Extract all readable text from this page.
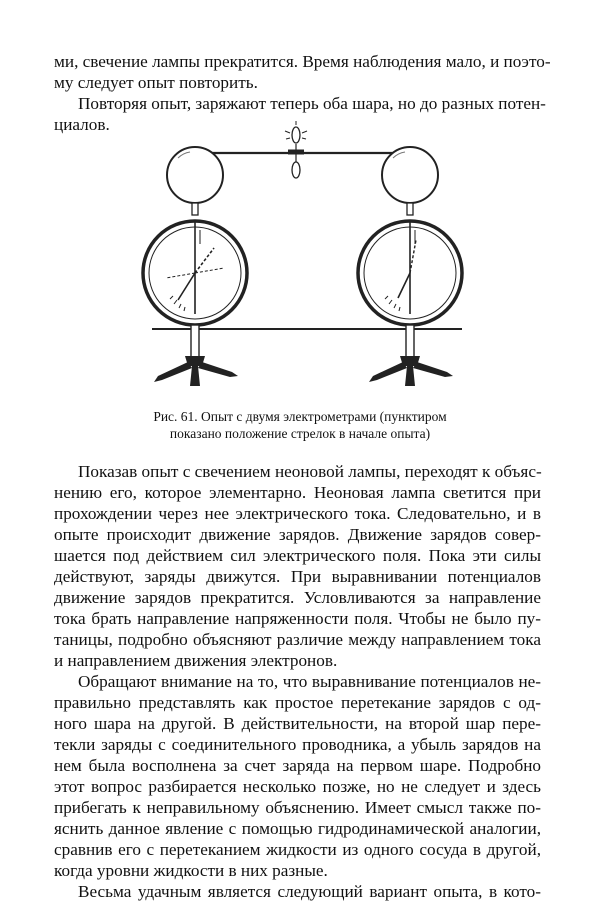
ми, свечение лампы прекратится. Время наблюдения мало, и поэто-
му следует опыт повторить.
Повторяя опыт, заряжают теперь оба шара, но до разных потен-
циалов.
Рис. 61. Опыт с двумя электрометрами (пунктиром
показано положение стрелок в начале опыта)
Показав опыт с свечением неоновой лампы, переходят к объяс-
нению его, которое элементарно. Неоновая лампа светится при
прохождении через нее электрического тока. Следовательно, и в
опыте происходит движение зарядов. Движение зарядов совер-
шается под действием сил электрического поля. Пока эти силы
действуют, заряды движутся. При выравнивании потенциалов
движение зарядов прекратится. Условливаются за направление
тока брать направление напряженности поля. Чтобы не было пу-
таницы, подробно объясняют различие между направлением тока
и направлением движения электронов.
Обращают внимание на то, что выравнивание потенциалов не-
правильно представлять как простое перетекание зарядов с од-
ного шара на другой. В действительности, на второй шар пере-
текли заряды с соединительного проводника, а убыль зарядов на
нем была восполнена за счет заряда на первом шаре. Подробно
этот вопрос разбирается несколько позже, но не следует и здесь
прибегать к неправильному объяснению. Имеет смысл также по-
яснить данное явление с помощью гидродинамической аналогии,
сравнив его с перетеканием жидкости из одного сосуда в другой,
когда уровни жидкости в них разные.
Весьма удачным является следующий вариант опыта, в кото-
